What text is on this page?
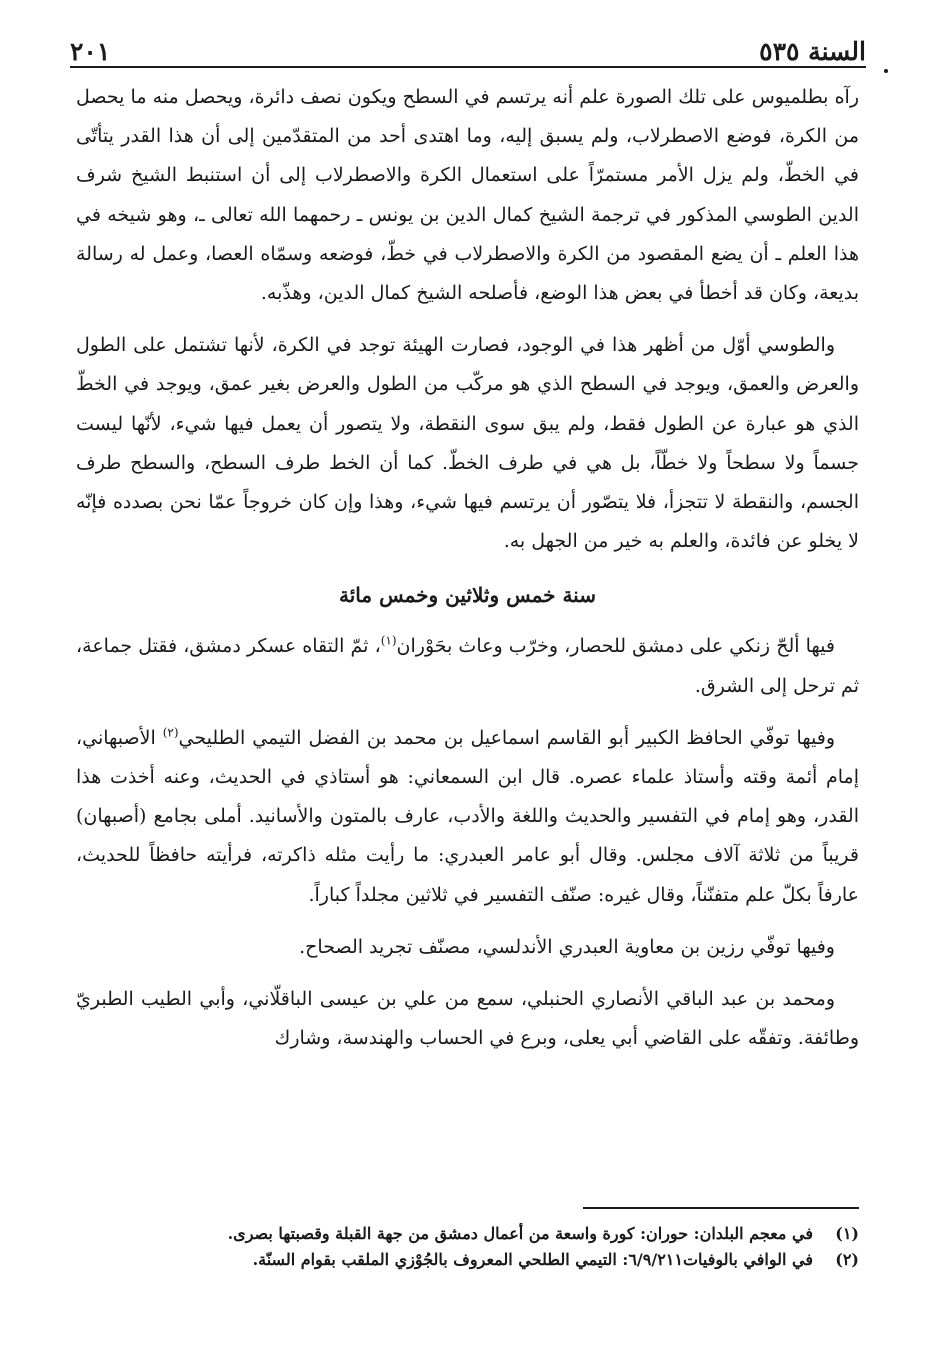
السنة ٥٣٥
٢٠١

رآه بطلميوس على تلك الصورة علم أنه يرتسم في السطح ويكون نصف دائرة، ويحصل منه ما يحصل من الكرة، فوضع الاصطرلاب، ولم يسبق إليه، وما اهتدى أحد من المتقدّمين إلى أن هذا القدر يتأتّى في الخطّ، ولم يزل الأمر مستمرّاً على استعمال الكرة والاصطرلاب إلى أن استنبط الشيخ شرف الدين الطوسي المذكور في ترجمة الشيخ كمال الدين بن يونس ـ رحمهما الله تعالى ـ، وهو شيخه في هذا العلم ـ أن يضع المقصود من الكرة والاصطرلاب في خطّ، فوضعه وسمّاه العصا، وعمل له رسالة بديعة، وكان قد أخطأ في بعض هذا الوضع، فأصلحه الشيخ كمال الدين، وهذّبه.

والطوسي أوّل من أظهر هذا في الوجود، فصارت الهيئة توجد في الكرة، لأنها تشتمل على الطول والعرض والعمق، ويوجد في السطح الذي هو مركّب من الطول والعرض بغير عمق، ويوجد في الخطّ الذي هو عبارة عن الطول فقط، ولم يبق سوى النقطة، ولا يتصور أن يعمل فيها شيء، لأنّها ليست جسماً ولا سطحاً ولا خطّاً، بل هي في طرف الخطّ. كما أن الخط طرف السطح، والسطح طرف الجسم، والنقطة لا تتجزأ، فلا يتصّور أن يرتسم فيها شيء، وهذا وإن كان خروجاً عمّا نحن بصدده فإنّه لا يخلو عن فائدة، والعلم به خير من الجهل به.

سنة خمس وثلاثين وخمس مائة

فيها ألحّ زنكي على دمشق للحصار، وخرّب وعاث بحَوْران$^{(١)}$، ثمّ التقاه عسكر دمشق، فقتل جماعة، ثم ترحل إلى الشرق.

وفيها توفّي الحافظ الكبير أبو القاسم اسماعيل بن محمد بن الفضل التيمي الطليحي$^{(٢)}$ الأصبهاني، إمام أئمة وقته وأستاذ علماء عصره. قال ابن السمعاني: هو أستاذي في الحديث، وعنه أخذت هذا القدر، وهو إمام في التفسير والحديث واللغة والأدب، عارف بالمتون والأسانيد. أملى بجامع (أصبهان) قريباً من ثلاثة آلاف مجلس. وقال أبو عامر العبدري: ما رأيت مثله ذاكرته، فرأيته حافظاً للحديث، عارفاً بكلّ علم متفنّناً، وقال غيره: صنّف التفسير في ثلاثين مجلداً كباراً.

وفيها توفّي رزين بن معاوية العبدري الأندلسي، مصنّف تجريد الصحاح.

ومحمد بن عبد الباقي الأنصاري الحنبلي، سمع من علي بن عيسى الباقلّاني، وأبي الطيب الطبريّ وطائفة. وتفقّه على القاضي أبي يعلى، وبرع في الحساب والهندسة، وشارك

(١)
في معجم البلدان: حوران: كورة واسعة من أعمال دمشق من جهة القبلة وقصبتها بصرى.
(٢)
في الوافي بالوفيات٦/٩/٢١١: التيمي الطلحي المعروف بالجُوْزي الملقب بقوام السنّة.
